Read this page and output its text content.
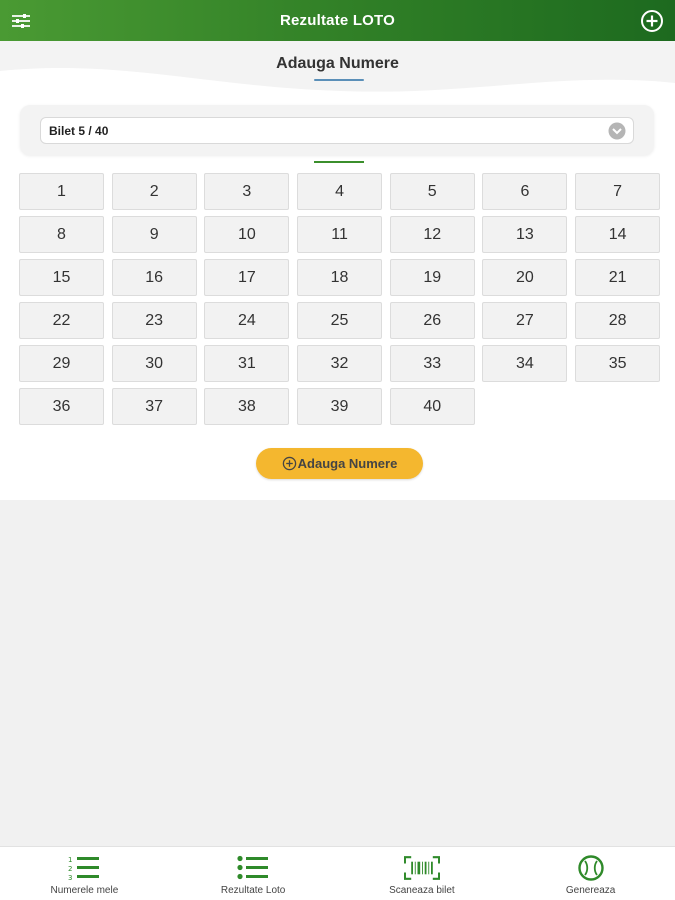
Rezultate LOTO
Adauga Numere
Bilet 5 / 40
1	2	3	4	5	6	7
8	9	10	11	12	13	14
15	16	17	18	19	20	21
22	23	24	25	26	27	28
29	30	31	32	33	34	35
36	37	38	39	40
Adauga Numere
1
2
3
Numerele mele	Rezultate Loto	Scaneaza bilet	Genereaza
